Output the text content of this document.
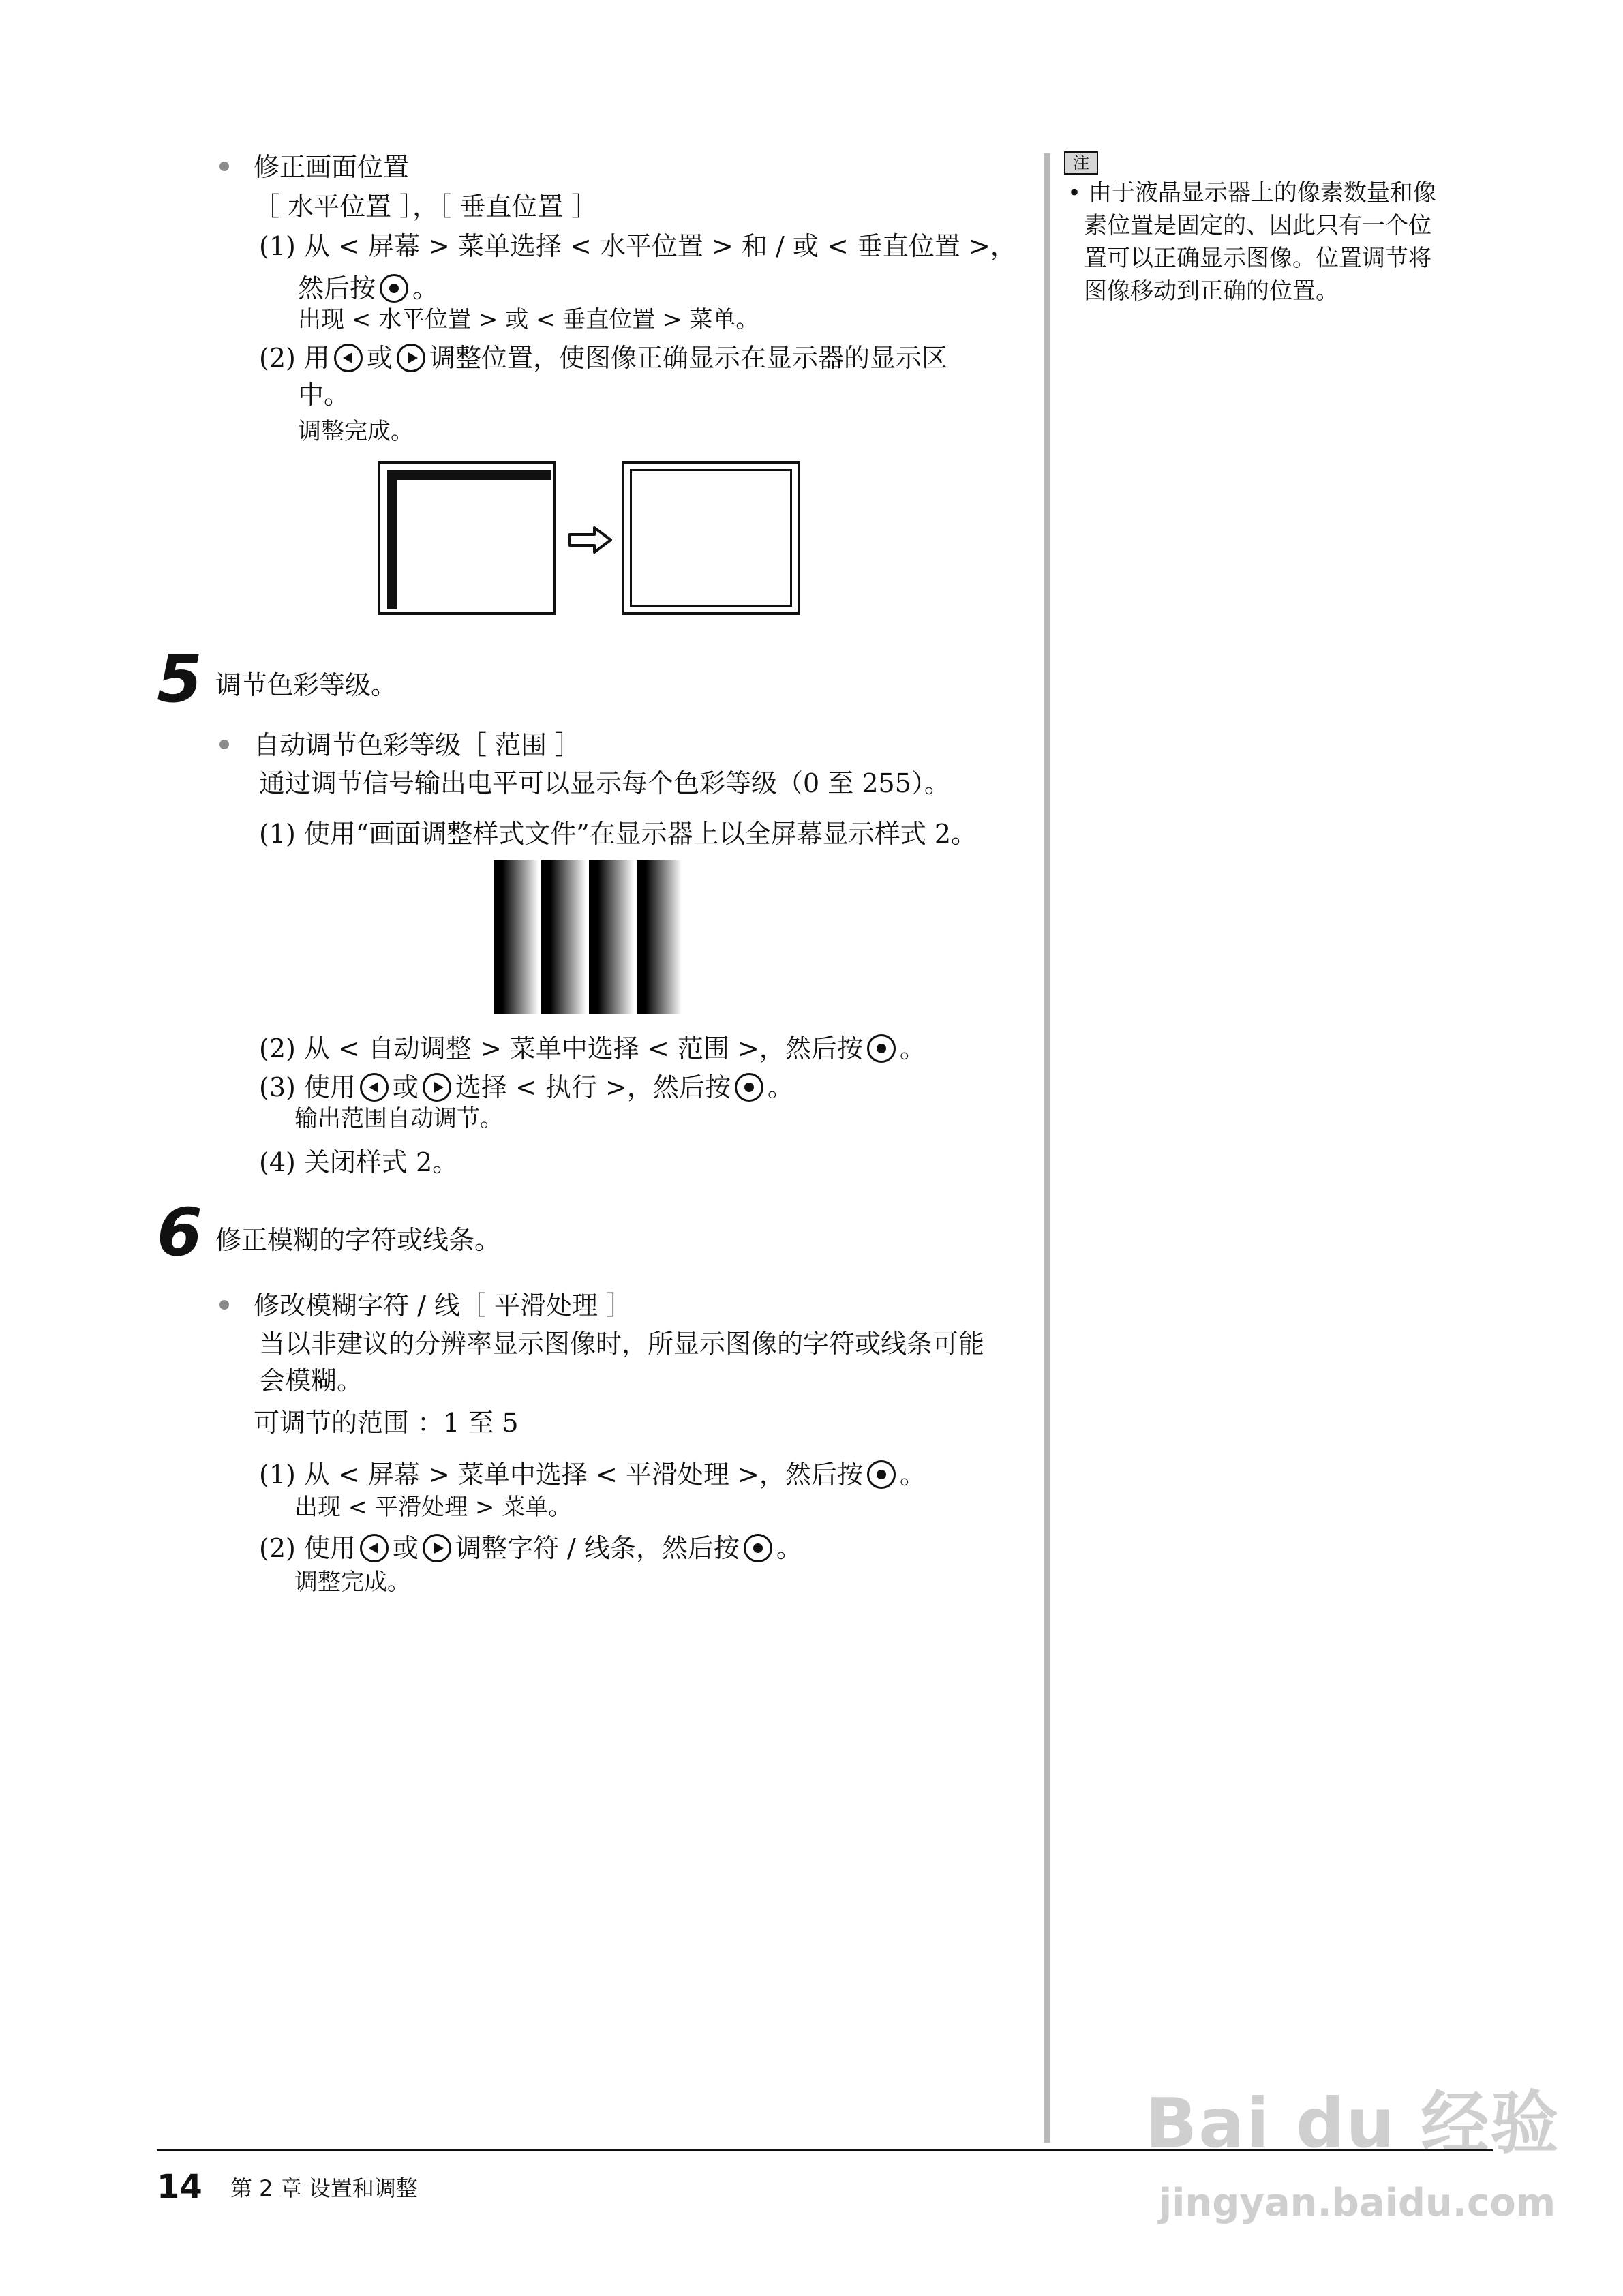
修正画面位置
［ 水平位置 ］，［ 垂直位置 ］
(1) 从 < 屏幕 > 菜单选择 < 水平位置 > 和 / 或 < 垂直位置 >，
然后按 。
出现 < 水平位置 > 或 < 垂直位置 > 菜单。
(2) 用 或 调整位置，使图像正确显示在显示器的显示区
中。
调整完成。
5 调节色彩等级。
自动调节色彩等级［ 范围 ］
通过调节信号输出电平可以显示每个色彩等级（0 至 255）。
(1) 使用“画面调整样式文件”在显示器上以全屏幕显示样式 2。
(2) 从 < 自动调整 > 菜单中选择 < 范围 >，然后按 。
(3) 使用 或 选择 < 执行 >，然后按 。
输出范围自动调节。
(4) 关闭样式 2。
6 修正模糊的字符或线条。
修改模糊字符 / 线［ 平滑处理 ］
当以非建议的分辨率显示图像时，所显示图像的字符或线条可能
会模糊。
可调节的范围 ：1 至 5
(1) 从 < 屏幕 > 菜单中选择 < 平滑处理 >，然后按 。
出现 < 平滑处理 > 菜单。
(2) 使用 或 调整字符 / 线条，然后按 。
调整完成。
注
• 由于液晶显示器上的像素数量和像
素位置是固定的、因此只有一个位
置可以正确显示图像。位置调节将
图像移动到正确的位置。
14 第 2 章 设置和调整
Bai du 经验
jingyan.baidu.com
